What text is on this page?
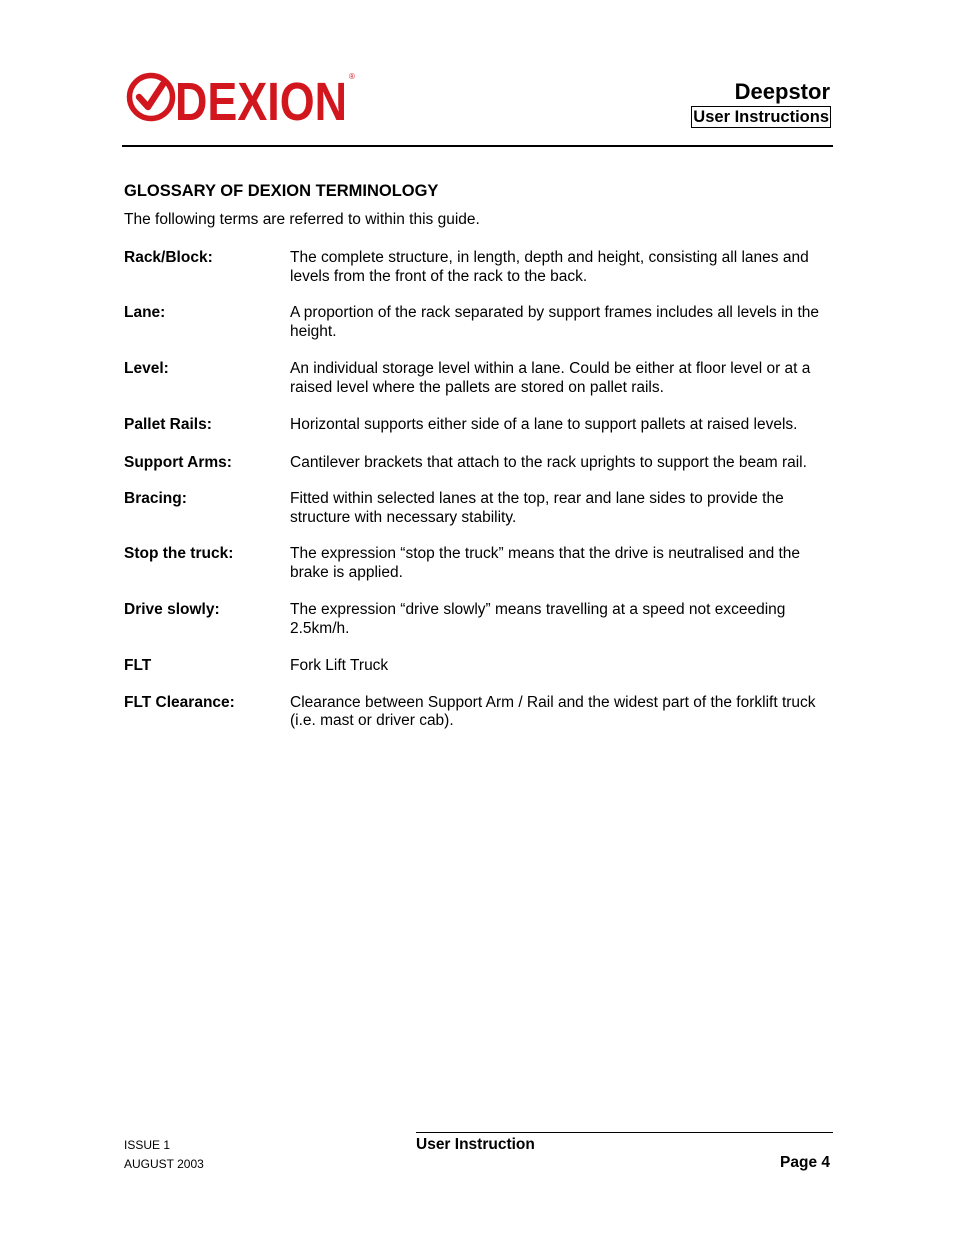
DEXION ®
Deepstor
User Instructions
GLOSSARY OF DEXION TERMINOLOGY
The following terms are referred to within this guide.
Rack/Block:	The complete structure, in length, depth and height, consisting all lanes and levels from the front of the rack to the back.
Lane:	A proportion of the rack separated by support frames includes all levels in the height.
Level:	An individual storage level within a lane. Could be either at floor level or at a raised level where the pallets are stored on pallet rails.
Pallet Rails:	Horizontal supports either side of a lane to support pallets at raised levels.
Support Arms:	Cantilever brackets that attach to the rack uprights to support the beam rail.
Bracing:	Fitted within selected lanes at the top, rear and lane sides to provide the structure with necessary stability.
Stop the truck:	The expression “stop the truck” means that the drive is neutralised and the brake is applied.
Drive slowly:	The expression “drive slowly” means travelling at a speed not exceeding 2.5km/h.
FLT	Fork Lift Truck
FLT Clearance:	Clearance between Support Arm / Rail and the widest part of the forklift truck (i.e. mast or driver cab).
ISSUE 1
AUGUST 2003
User Instruction
Page 4
